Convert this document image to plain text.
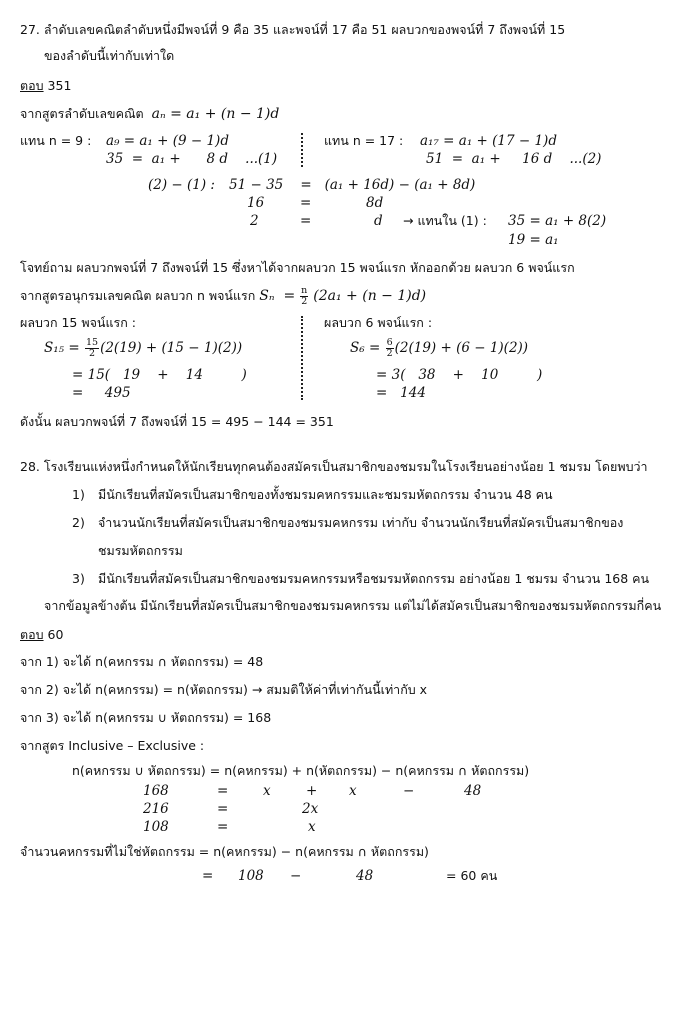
27. ลำดับเลขคณิตลำดับหนึ่งมีพจน์ที่ 9 คือ 35 และพจน์ที่ 17 คือ 51 ผลบวกของพจน์ที่ 7 ถึงพจน์ที่ 15
ของลำดับนี้เท่ากับเท่าใด
ตอบ 351
จากสูตรลำดับเลขคณิต aₙ = a₁ + (n − 1)d
แทน n = 9 : a₉ = a₁ + (9 − 1)d
35  =  a₁ +      8 d    ...(1)
แทน n = 17 : a₁₇ = a₁ + (17 − 1)d
51  =  a₁ +     16 d    ...(2)
(2) − (1) : 51 − 35    =   (a₁ + 16d) − (a₁ + 8d)
16	=	8d
2	=	d → แทนใน (1) : 35 = a₁ + 8(2)
19 = a₁
โจทย์ถาม ผลบวกพจน์ที่ 7 ถึงพจน์ที่ 15 ซึ่งหาได้จากผลบวก 15 พจน์แรก หักออกด้วย ผลบวก 6 พจน์แรก
จากสูตรอนุกรมเลขคณิต ผลบวก n พจน์แรก $S_n = \frac{n}{2} (2a_1 + (n - 1)d)$
ผลบวก 15 พจน์แรก :
$S_{15} = \frac{15}{2} (2(19) + (15 - 1)(2))$
= 15(   19    +    14         )
=     495
ผลบวก 6 พจน์แรก :
$S_6 = \frac{6}{2} (2(19) + (6 - 1)(2))$
= 3(   38    +    10         )
=   144
ดังนั้น ผลบวกพจน์ที่ 7 ถึงพจน์ที่ 15 = 495 − 144 = 351
28. โรงเรียนแห่งหนึ่งกำหนดให้นักเรียนทุกคนต้องสมัครเป็นสมาชิกของชมรมในโรงเรียนอย่างน้อย 1 ชมรม โดยพบว่า
1) มีนักเรียนที่สมัครเป็นสมาชิกของทั้งชมรมคหกรรมและชมรมหัตถกรรม จำนวน 48 คน
2) จำนวนนักเรียนที่สมัครเป็นสมาชิกของชมรมคหกรรม เท่ากับ จำนวนนักเรียนที่สมัครเป็นสมาชิกของ
ชมรมหัตถกรรม
3) มีนักเรียนที่สมัครเป็นสมาชิกของชมรมคหกรรมหรือชมรมหัตถกรรม อย่างน้อย 1 ชมรม จำนวน 168 คน
จากข้อมูลข้างต้น มีนักเรียนที่สมัครเป็นสมาชิกของชมรมคหกรรม แต่ไม่ได้สมัครเป็นสมาชิกของชมรมหัตถกรรมกี่คน
ตอบ 60
จาก 1) จะได้ n(คหกรรม ∩ หัตถกรรม) = 48
จาก 2) จะได้ n(คหกรรม) = n(หัตถกรรม) → สมมติให้ค่าที่เท่ากันนี้เท่ากับ x
จาก 3) จะได้ n(คหกรรม ∪ หัตถกรรม) = 168
จากสูตร Inclusive – Exclusive :
n(คหกรรม ∪ หัตถกรรม) = n(คหกรรม) + n(หัตถกรรม) − n(คหกรรม ∩ หัตถกรรม)
168	=	x	+ x	−	48
216	=	2x
108	=	x
จำนวนคหกรรมที่ไม่ใช่หัตถกรรม = n(คหกรรม) − n(คหกรรม ∩ หัตถกรรม)
= 108 −	48	= 60 คน
